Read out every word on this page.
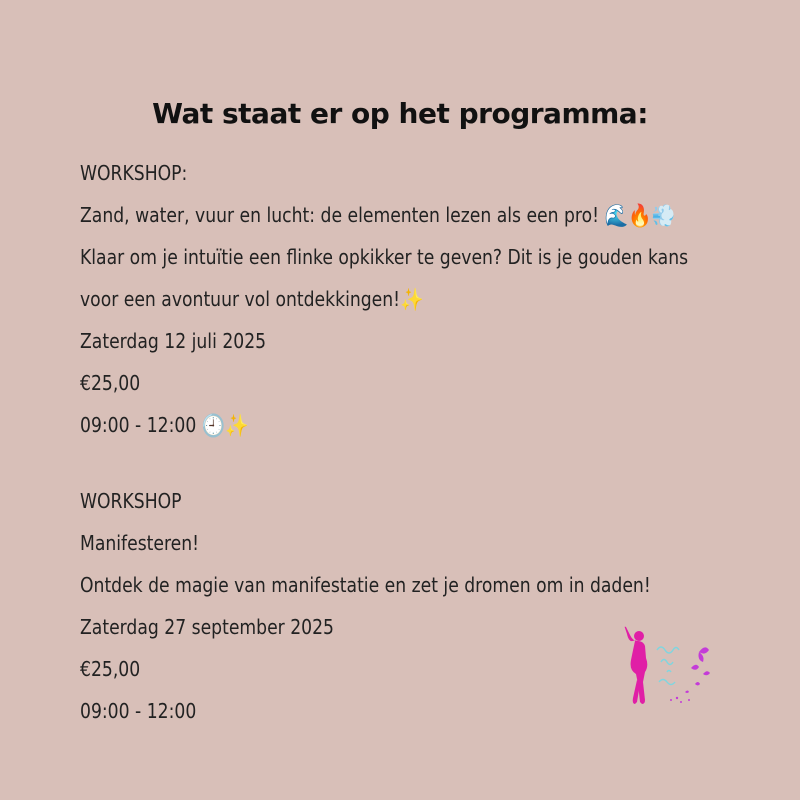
Wat staat er op het programma:
WORKSHOP:
Zand, water, vuur en lucht: de elementen lezen als een pro! 🌊🔥💨
Klaar om je intuïtie een flinke opkikker te geven? Dit is je gouden kans
voor een avontuur vol ontdekkingen!✨
Zaterdag 12 juli 2025
€25,00
09:00 - 12:00 🕘✨
WORKSHOP
Manifesteren!
Ontdek de magie van manifestatie en zet je dromen om in daden!
Zaterdag 27 september 2025
€25,00
09:00 - 12:00
